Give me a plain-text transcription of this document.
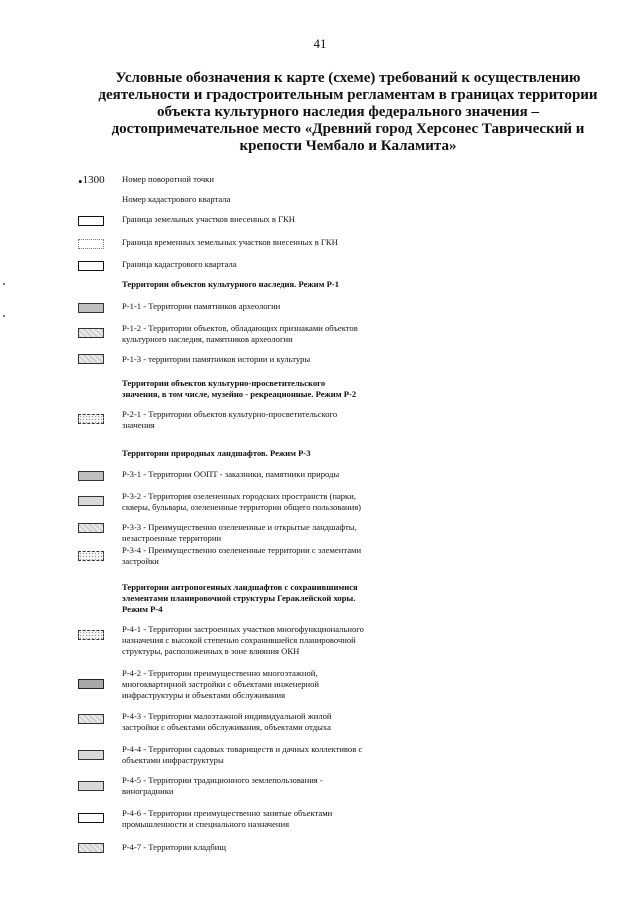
41
Условные обозначения к карте (схеме) требований к осуществлению
деятельности и градостроительным регламентам в границах территории
объекта культурного наследия федерального значения –
достопримечательное место «Древний город Херсонес Таврический и
крепости Чембало и Каламита»
•1300 Номер поворотной точки
Номер кадастрового квартала
Граница земельных участков внесенных в ГКН
Граница временных земельных участков внесенных в ГКН
Граница кадастрового квартала
Территории объектов культурного наследия. Режим Р-1
Р-1-1 - Территории памятников археологии
Р-1-2 - Территории объектов, обладающих признаками объектов
культурного наследия, памятников археологии
Р-1-3 - территории памятников истории и культуры
Территории объектов культурно-просветительского
значения, в том числе, музейно - рекреационные. Режим Р-2
Р-2-1 - Территории объектов культурно-просветительского
значения
Территории природных ландшафтов. Режим Р-3
Р-3-1 - Территории ООПТ - заказники, памятники природы
Р-3-2 - Территория озелененных городских пространств (парки,
скверы, бульвары, озелененные территории общего пользования)
Р-3-3 - Преимущественно озелененные и открытые ландшафты,
незастроенные территории
Р-3-4 - Преимущественно озелененные территории с элементами
застройки
Территории антропогенных ландшафтов с сохранившимися
элементами планировочной структуры Гераклейской хоры.
Режим Р-4
Р-4-1 - Территории застроенных участков многофункционального
назначения с высокой степенью сохранившейся планировочной
структуры, расположенных в зоне влияния ОКН
Р-4-2 - Территории преимущественно многоэтажной,
многоквартирной застройки с объектами инженерной
инфраструктуры и объектами обслуживания
Р-4-3 - Территории малоэтажной индивидуальной жилой
застройки с объектами обслуживания, объектами отдыха
Р-4-4 - Территории садовых товариществ и дачных коллективов с
объектами инфраструктуры
Р-4-5 - Территории традиционного землепользования -
виноградники
Р-4-6 - Территории преимущественно занятые объектами
промышленности и специального назначения
Р-4-7 - Территории кладбищ
